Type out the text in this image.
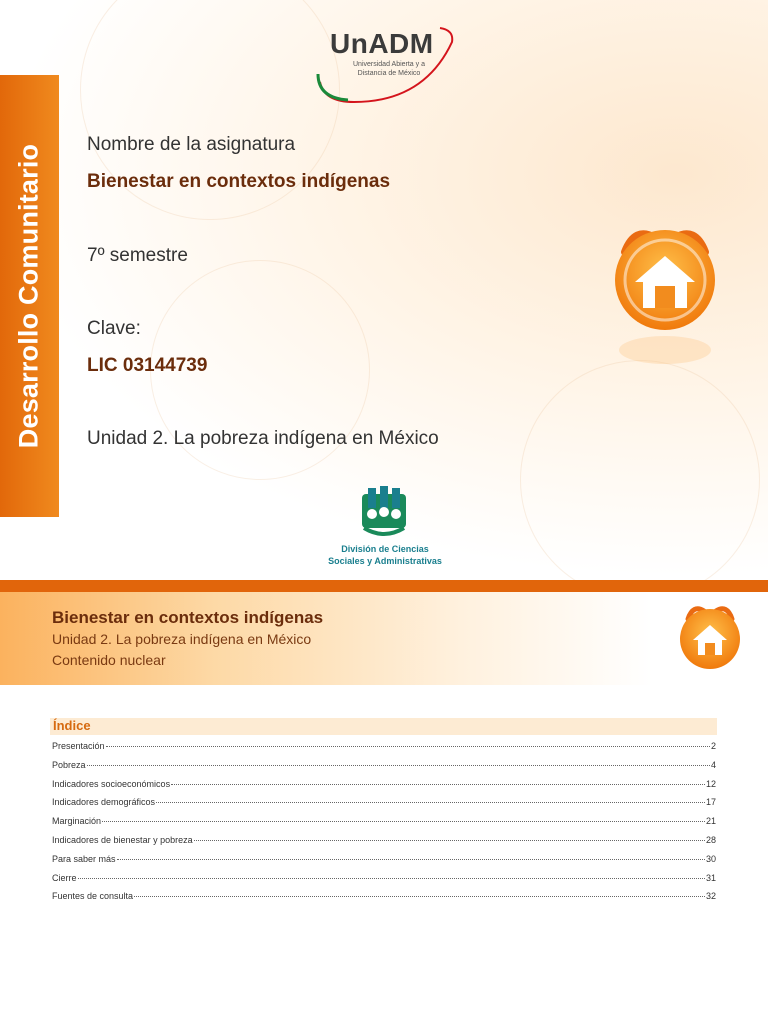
Desarrollo Comunitario
UnADM
Universidad Abierta y a Distancia de México
Nombre de la asignatura
Bienestar en contextos indígenas
7º semestre
Clave:
LIC 03144739
Unidad 2. La pobreza indígena en México
División de Ciencias
Sociales y Administrativas
Bienestar en contextos indígenas
Unidad 2. La pobreza indígena en México
Contenido nuclear
Índice
Presentación	2
Pobreza	4
Indicadores socioeconómicos	12
Indicadores demográficos	17
Marginación	21
Indicadores de bienestar y pobreza	28
Para saber más	30
Cierre	31
Fuentes de consulta	32
